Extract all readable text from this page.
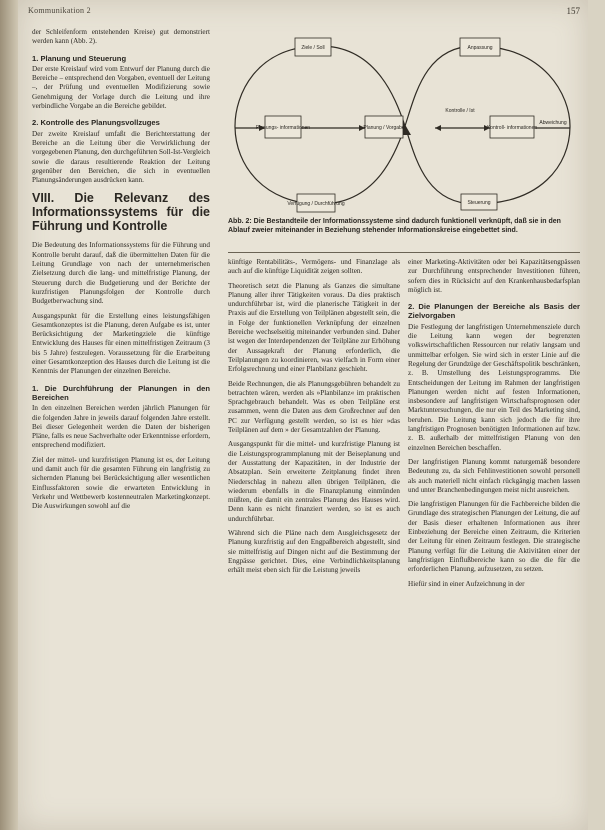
Kommunikation 2	157

der Schleifenform entstehenden Kreise) gut demonstriert werden kann (Abb. 2).

1. Planung und Steuerung

Der erste Kreislauf wird vom Entwurf der Planung durch die Bereiche – entsprechend den Vorgaben, eventuell der Leitung –, der Prüfung und eventuellen Modifizierung sowie Genehmigung der Vorlage durch die Leitung und ihre verbindliche Vorgabe an die Bereiche gebildet.

2. Kontrolle des Planungsvollzuges

Der zweite Kreislauf umfaßt die Berichterstattung der Bereiche an die Leitung über die Verwirklichung der vorgegebenen Planung, den durchgeführten Soll-Ist-Vergleich sowie die daraus resultierende Reaktion der Leitung gegenüber den Bereichen, die sich in eventuellen Planungsänderungen ausdrücken kann.

VIII. Die Relevanz des Informationssystems für die Führung und Kontrolle

Die Bedeutung des Informationssystems für die Führung und Kontrolle beruht darauf, daß die übermittelten Daten für die Leitung Grundlage von nach der unternehmerischen Zielsetzung durch die lang- und mittelfristige Planung, der Steuerung durch die Budgetierung und der Berichte der kurzfristigen Planungsfolgen der Kontrolle durch Budgetberwachung sind.

Ausgangspunkt für die Erstellung eines leistungsfähigen Gesamtkonzeptes ist die Planung, deren Aufgabe es ist, unter Berücksichtigung der Marketingziele die künftige Entwicklung des Hauses für einen mittelfristigen Zeitraum (3 bis 5 Jahre) festzulegen. Voraussetzung für die Erarbeitung einer Gesamtkonzeption des Hauses durch die Leitung ist die Kenntnis der Planungen der einzelnen Bereiche.

1. Die Durchführung der Planungen in den Bereichen

In den einzelnen Bereichen werden jährlich Planungen für die folgenden Jahre in jeweils darauf folgenden Jahre erstellt. Bei dieser Gelegenheit werden die Daten der bisherigen Pläne, falls es neue Sachverhalte oder Erkenntnisse erfordern, entsprechend modifiziert.

Ziel der mittel- und kurzfristigen Planung ist es, der Leitung und damit auch für die gesamten Führung ein langfristig zu sichernden Planung bei Berücksichtigung aller wesentlichen Einflussfaktoren sowie die erwarteten Entwicklung in Verkehr und Wettbewerb kostenneutralen Marketingkonzept. Die Auswirkungen sowohl auf die

Ziele / Soll
Planungs- informationen	Planung / Vorgabe
Kontrolle / Ist
Kontroll- informationen
Verfügung / Durchführung
Abweichung
Anpassung
Steuerung
Abb. 2: Die Bestandteile der Informationssysteme sind dadurch funktionell verknüpft, daß sie in den Ablauf zweier miteinander in Beziehung stehender Informationskreise eingebettet sind.

künftige Rentabilitäts-, Vermögens- und Finanzlage als auch auf die künftige Liquidität zeigen sollten.

Theoretisch setzt die Planung als Ganzes die simultane Planung aller ihrer Tätigkeiten voraus. Da dies praktisch undurchführbar ist, wird die planerische Tätigkeit in der Praxis auf die Erstellung von Teilplänen abgestellt sein, die in Folge der funktionellen Verknüpfung der einzelnen Bereiche wechselseitig miteinander verbunden sind. Daher ist wegen der Interdependenzen der Teilpläne zur Erhöhung der Aussagekraft der Planung erforderlich, die Teilplanungen zu koordinieren, was vielfach in Form einer Erfolgsrechnung und einer Planbilanz geschieht.

Beide Rechnungen, die als Planungsgebühren behandelt zu betrachten wären, werden als »Planbilanz« im praktischen Sprachgebrauch behandelt. Was es oben Teilpläne erst zusammen, wenn die Daten aus dem Großrechner auf den PC zur Verfügung gestellt werden, so ist es hier »das Teilplänen auf dem » der Gesamtzahlen der Planung.

Ausgangspunkt für die mittel- und kurzfristige Planung ist die Leistungsprogrammplanung mit der Beiseplanung und der Ausstattung der Kapazitäten, in der Industrie der Absatzplan. Sein erweiterte Zeitplanung findet ihren Niederschlag in nahezu allen übrigen Teilplänen, die wiederum ebenfalls in die Finanzplanung einmünden müßten, die damit ein zentrales Planung des Hauses wird. Denn kann es nicht finanziert werden, so ist es auch undurchführbar.

Während sich die Pläne nach dem Ausgleichsgesetz der Planung kurzfristig auf den Engpaßbereich abgestellt, sind sie mittelfristig auf Dingen nicht auf die Bestimmung der Engpässe gerichtet. Dies, eine Verbindlichkeitsplanung erhält meist eben sich für die Leistung jeweils

einer Marketing-Aktivitäten oder bei Kapazitätsengpässen zur Durchführung entsprechender Investitionen führen, sofern dies in Rücksicht auf den Krankenhausbedarfsplan möglich ist.

2. Die Planungen der Bereiche als Basis der Zielvorgaben

Die Festlegung der langfristigen Unternehmensziele durch die Leitung kann wegen der begrenzten volkswirtschaftlichen Ressourcen nur relativ langsam und unmittelbar erfolgen. Sie wird sich in erster Linie auf die Regelung der Grundzüge der Geschäftspolitik beschränken, z. B. Umstellung des Leistungsprogramms. Die Entscheidungen der Leitung im Rahmen der langfristigen Planungen werden nicht auf festen Informationen, insbesondere auf langfristigen Wirtschaftsprognosen oder Marktuntersuchungen, die nur ein Teil des Marketing sind, beruhen. Die Leitung kann sich jedoch die für ihre langfristigen Prognosen benötigten Informationen auf bzw. z. B. außerhalb der mittelfristigen Planung von den einzelnen Bereichen beschaffen.

Der langfristigen Planung kommt naturgemäß besondere Bedeutung zu, da sich Fehlinvestitionen sowohl personell als auch materiell nicht einfach rückgängig machen lassen und unter Branchenbedingungen meist nicht ausreichen.

Die langfristigen Planungen für die Fachbereiche bilden die Grundlage des strategischen Planungen der Leitung, die auf der Basis dieser erhaltenen Informationen aus ihrer Einbeziehung der Bereiche einen Zeitraum, die Kriterien der Leitung für einen Zeitraum festlegen. Die strategische Planung verfügt für die Leitung die Aktivitäten einer der langfristigen Einflußbereiche kann so die die für die erforderlichen Planung, aufzusetzen, zu setzen.

Hiefür sind in einer Aufzeichnung in der
